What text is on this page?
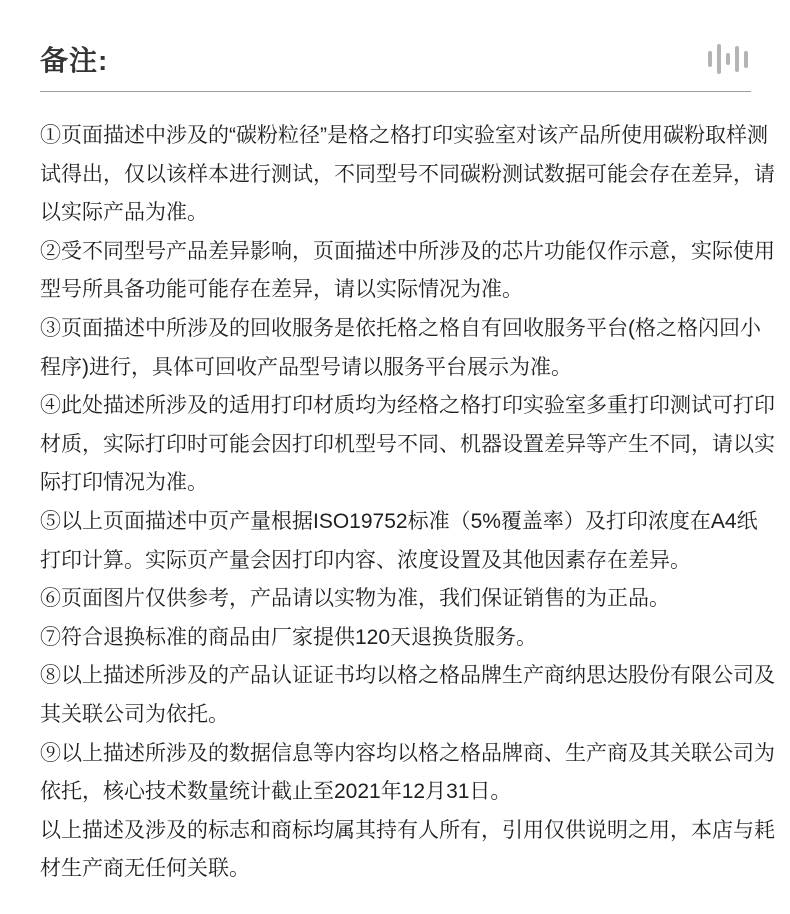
备注:

①页面描述中涉及的“碳粉粒径”是格之格打印实验室对该产品所使用碳粉取样测试得出，仅以该样本进行测试，不同型号不同碳粉测试数据可能会存在差异，请以实际产品为准。

②受不同型号产品差异影响，页面描述中所涉及的芯片功能仅作示意，实际使用型号所具备功能可能存在差异，请以实际情况为准。

③页面描述中所涉及的回收服务是依托格之格自有回收服务平台(格之格闪回小程序)进行，具体可回收产品型号请以服务平台展示为准。

④此处描述所涉及的适用打印材质均为经格之格打印实验室多重打印测试可打印材质，实际打印时可能会因打印机型号不同、机器设置差异等产生不同，请以实际打印情况为准。

⑤以上页面描述中页产量根据ISO19752标准（5%覆盖率）及打印浓度在A4纸打印计算。实际页产量会因打印内容、浓度设置及其他因素存在差异。

⑥页面图片仅供参考，产品请以实物为准，我们保证销售的为正品。

⑦符合退换标准的商品由厂家提供120天退换货服务。

⑧以上描述所涉及的产品认证证书均以格之格品牌生产商纳思达股份有限公司及其关联公司为依托。

⑨以上描述所涉及的数据信息等内容均以格之格品牌商、生产商及其关联公司为依托，核心技术数量统计截止至2021年12月31日。

以上描述及涉及的标志和商标均属其持有人所有，引用仅供说明之用，本店与耗材生产商无任何关联。
